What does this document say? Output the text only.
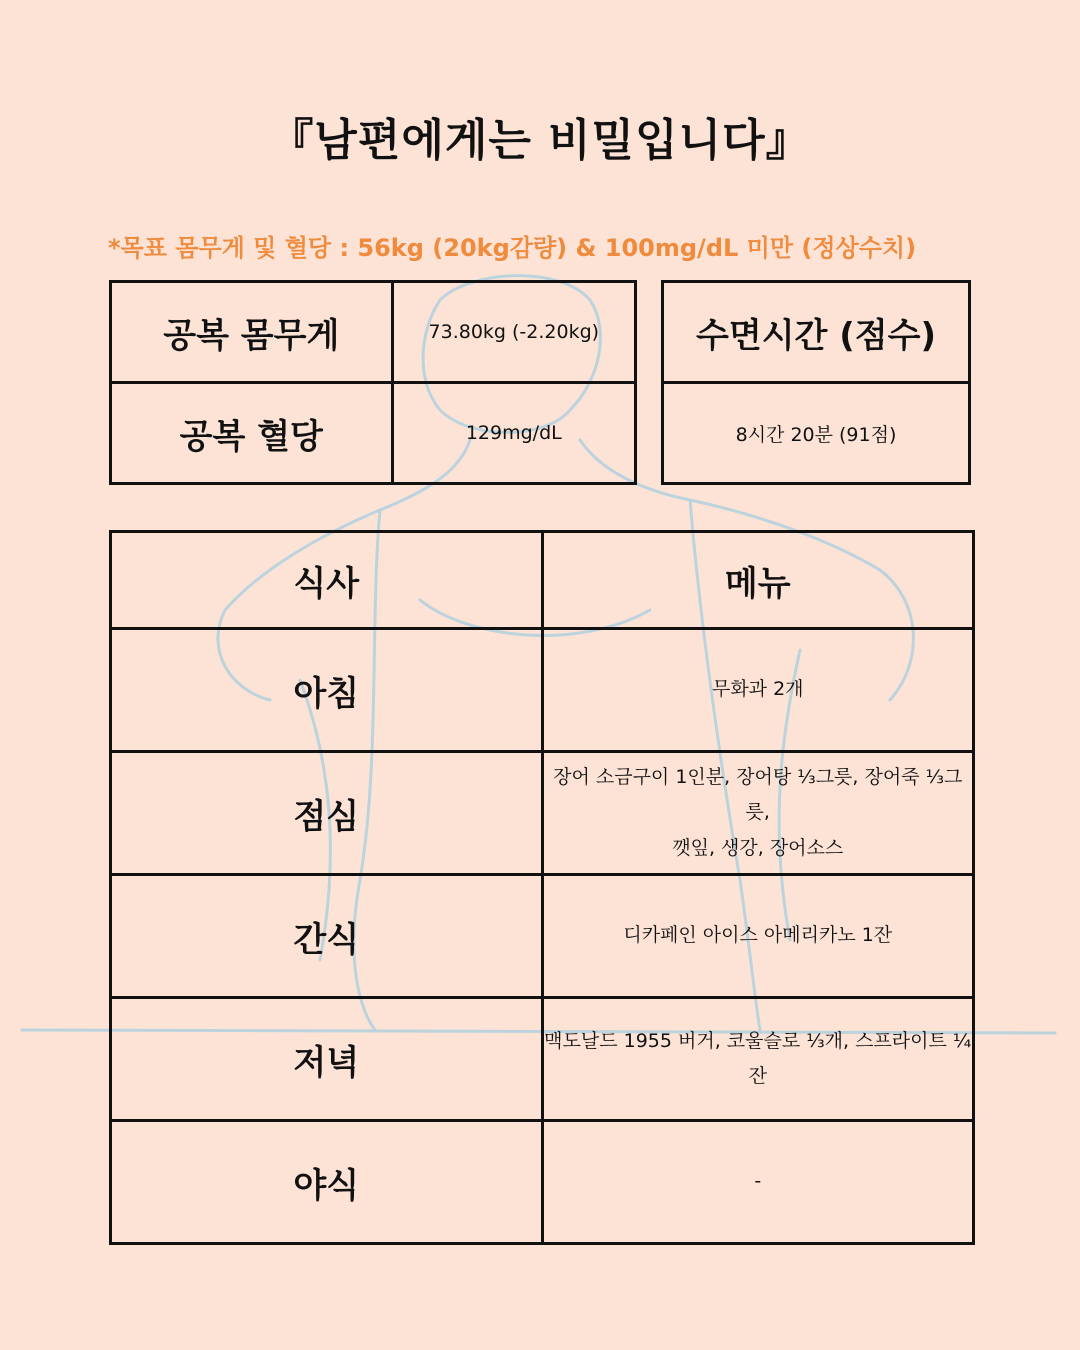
『남편에게는 비밀입니다』
*목표 몸무게 및 혈당 : 56kg (20kg감량) & 100mg/dL 미만 (정상수치)
공복 몸무게	73.80kg (-2.20kg)
공복 혈당	129mg/dL
수면시간 (점수)
8시간 20분 (91점)
식사	메뉴
아침	무화과 2개
점심	장어 소금구이 1인분, 장어탕 ⅓그릇, 장어죽 ⅓그릇,
깻잎, 생강, 장어소스
간식	디카페인 아이스 아메리카노 1잔
저녁	맥도날드 1955 버거, 코울슬로 ⅓개, 스프라이트 ¼잔
야식	-
